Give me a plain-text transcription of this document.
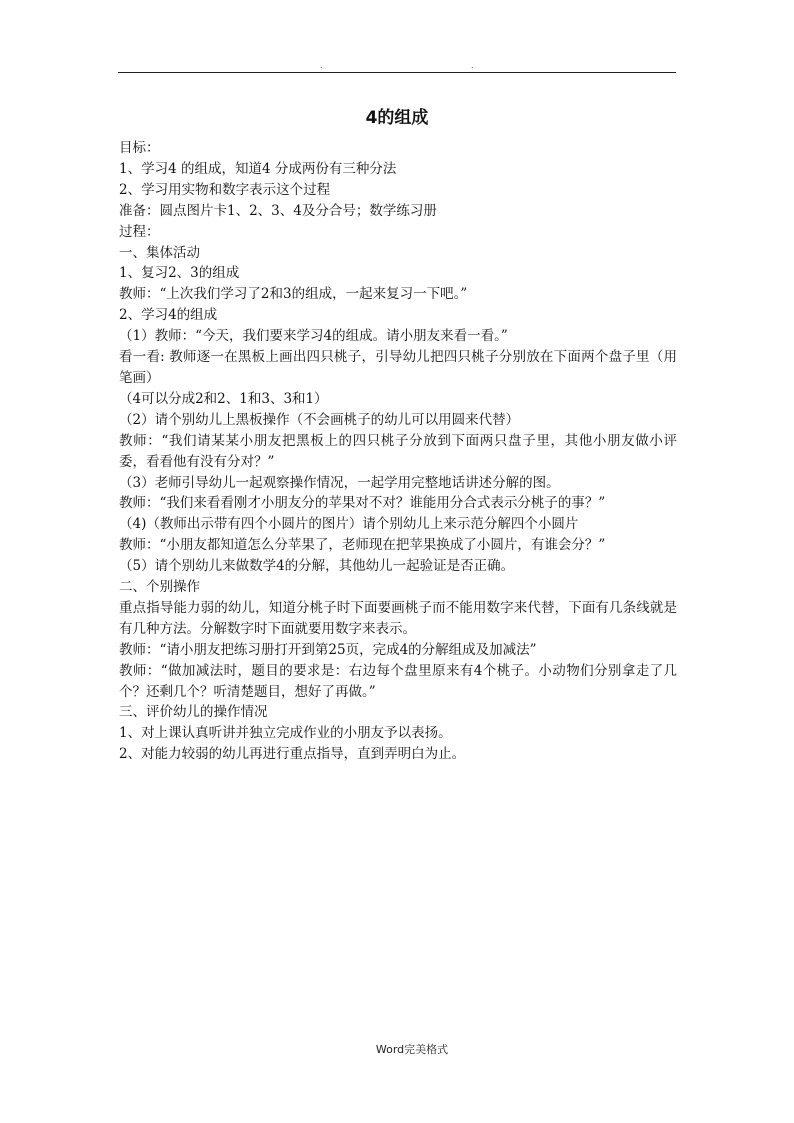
.	.
4的组成

目标：

1、学习4 的组成，知道4 分成两份有三种分法

2、学习用实物和数字表示这个过程

准备：圆点图片卡1、2、3、4及分合号；数学练习册

过程：

一、集体活动

1、复习2、3的组成

教师：“上次我们学习了2和3的组成，一起来复习一下吧。”

2、学习4的组成

（1）教师：“今天，我们要来学习4的组成。请小朋友来看一看。”

看一看: 教师逐一在黑板上画出四只桃子，引导幼儿把四只桃子分别放在下面两个盘子里（用笔画）

（4可以分成2和2、1和3、3和1）

（2）请个别幼儿上黑板操作（不会画桃子的幼儿可以用圆来代替）

教师：“我们请某某小朋友把黑板上的四只桃子分放到下面两只盘子里，其他小朋友做小评委，看看他有没有分对？”

（3）老师引导幼儿一起观察操作情况，一起学用完整地话讲述分解的图。

教师：“我们来看看刚才小朋友分的苹果对不对？谁能用分合式表示分桃子的事？”

（4)（教师出示带有四个小圆片的图片）请个别幼儿上来示范分解四个小圆片

教师：“小朋友都知道怎么分苹果了，老师现在把苹果换成了小圆片，有谁会分？”

（5）请个别幼儿来做数学4的分解，其他幼儿一起验证是否正确。

二、个别操作

重点指导能力弱的幼儿，知道分桃子时下面要画桃子而不能用数字来代替，下面有几条线就是有几种方法。分解数字时下面就要用数字来表示。

教师：“请小朋友把练习册打开到第25页，完成4的分解组成及加减法”

教师：“做加减法时，题目的要求是：右边每个盘里原来有4个桃子。小动物们分别拿走了几个？还剩几个？听清楚题目，想好了再做。”

三、评价幼儿的操作情况

1、对上课认真听讲并独立完成作业的小朋友予以表扬。

2、对能力较弱的幼儿再进行重点指导，直到弄明白为止。

Word完美格式
